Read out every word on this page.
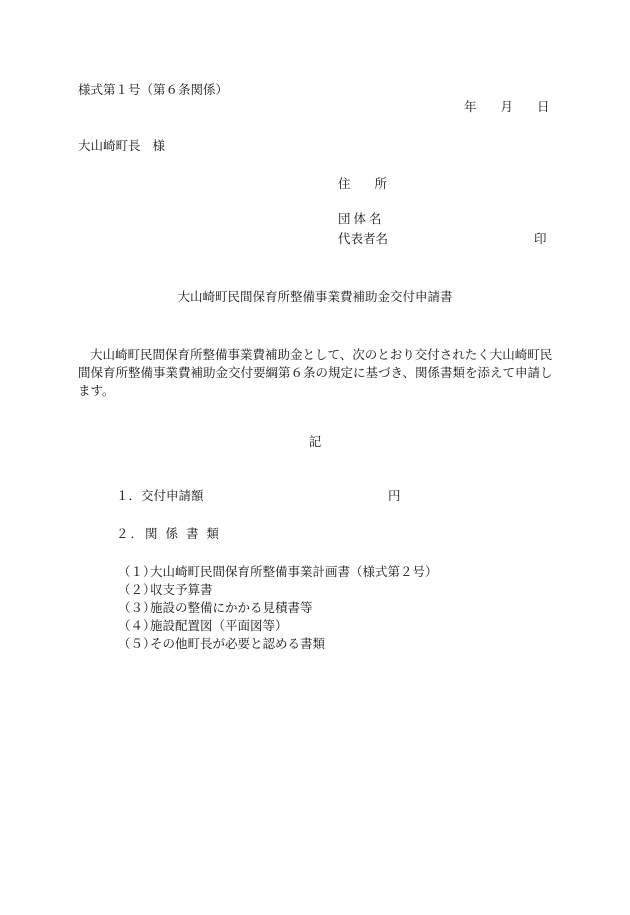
様式第１号（第６条関係）
年 月 日
大山崎町長 様
住 所
団体名
代表者名	印
大山崎町民間保育所整備事業費補助金交付申請書
大山崎町民間保育所整備事業費補助金として、次のとおり交付されたく大山崎町民間保育所整備事業費補助金交付要綱第６条の規定に基づき、関係書類を添えて申請します。
記
１．交付申請額	円
２．関 係 書 類
（１）大山崎町民間保育所整備事業計画書（様式第２号）
（２）収支予算書
（３）施設の整備にかかる見積書等
（４）施設配置図（平面図等）
（５）その他町長が必要と認める書類
